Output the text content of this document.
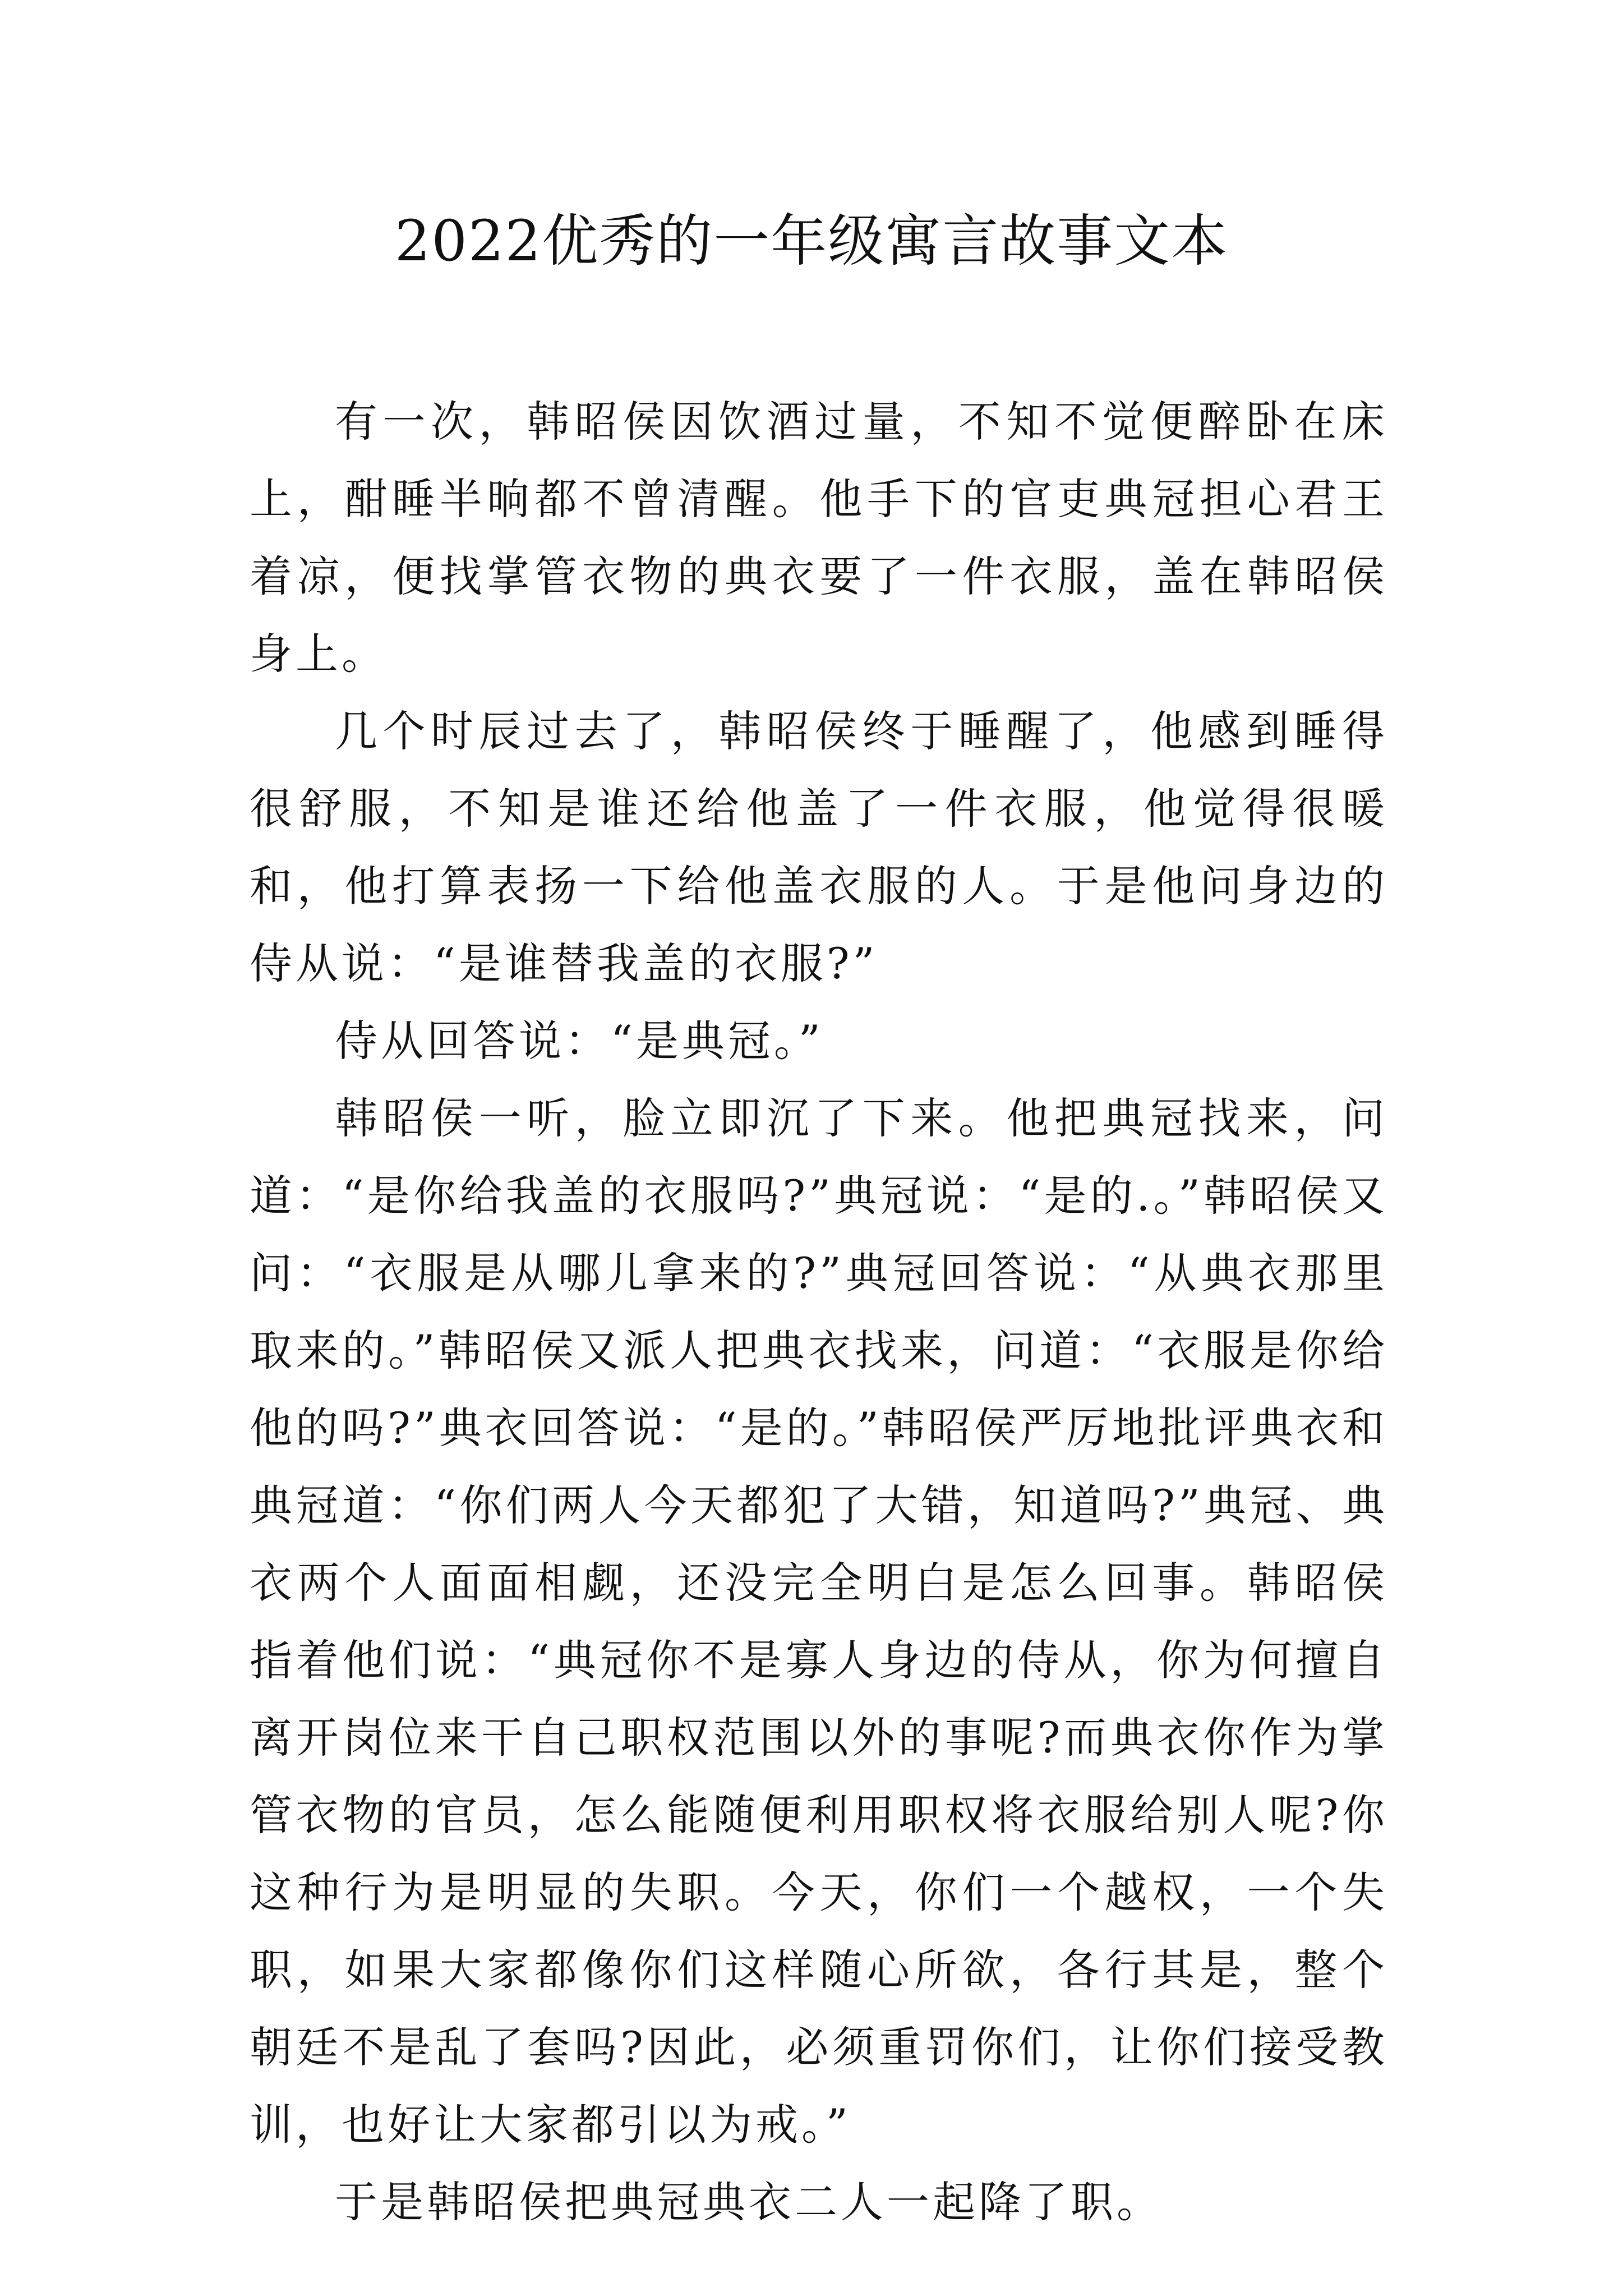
2022优秀的一年级寓言故事文本

有一次，韩昭侯因饮酒过量，不知不觉便醉卧在床上，酣睡半晌都不曾清醒。他手下的官吏典冠担心君王着凉，便找掌管衣物的典衣要了一件衣服，盖在韩昭侯身上。

几个时辰过去了，韩昭侯终于睡醒了，他感到睡得很舒服，不知是谁还给他盖了一件衣服，他觉得很暖和，他打算表扬一下给他盖衣服的人。于是他问身边的侍从说：“是谁替我盖的衣服?”

侍从回答说：“是典冠。”

韩昭侯一听，脸立即沉了下来。他把典冠找来，问道：“是你给我盖的衣服吗?”典冠说：“是的.。”韩昭侯又问：“衣服是从哪儿拿来的?”典冠回答说：“从典衣那里取来的。”韩昭侯又派人把典衣找来，问道：“衣服是你给他的吗?”典衣回答说：“是的。”韩昭侯严厉地批评典衣和典冠道：“你们两人今天都犯了大错，知道吗?”典冠、典衣两个人面面相觑，还没完全明白是怎么回事。韩昭侯指着他们说：“典冠你不是寡人身边的侍从，你为何擅自离开岗位来干自己职权范围以外的事呢?而典衣你作为掌管衣物的官员，怎么能随便利用职权将衣服给别人呢?你这种行为是明显的失职。今天，你们一个越权，一个失职，如果大家都像你们这样随心所欲，各行其是，整个朝廷不是乱了套吗?因此，必须重罚你们，让你们接受教训，也好让大家都引以为戒。”

于是韩昭侯把典冠典衣二人一起降了职。
